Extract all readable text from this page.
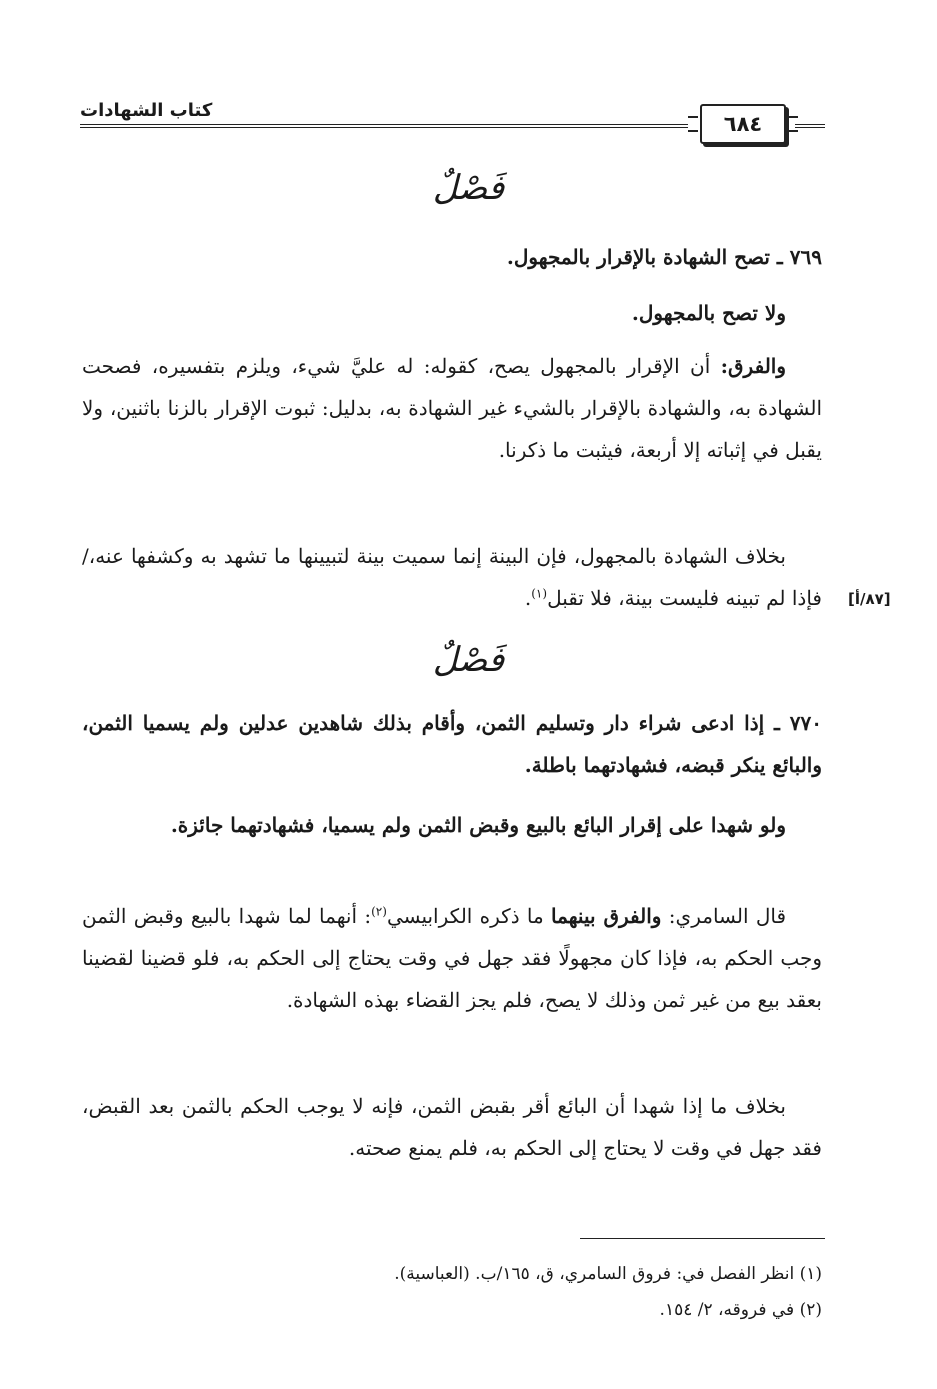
كتاب الشهادات
٦٨٤
فَصْلٌ
٧٦٩ ـ تصح الشهادة بالإقرار بالمجهول.
ولا تصح بالمجهول.
والفرق: أن الإقرار بالمجهول يصح، كقوله: له عليَّ شيء، ويلزم بتفسيره، فصحت الشهادة به، والشهادة بالإقرار بالشيء غير الشهادة به، بدليل: ثبوت الإقرار بالزنا باثنين، ولا يقبل في إثباته إلا أربعة، فيثبت ما ذكرنا.
بخلاف الشهادة بالمجهول، فإن البينة إنما سميت بينة لتبيينها ما تشهد به وكشفها عنه،/ فإذا لم تبينه فليست بينة، فلا تقبل$^{(١)}$.	[٨٧/أ]
فَصْلٌ
٧٧٠ ـ إذا ادعى شراء دار وتسليم الثمن، وأقام بذلك شاهدين عدلين ولم يسميا الثمن، والبائع ينكر قبضه، فشهادتهما باطلة.
ولو شهدا على إقرار البائع بالبيع وقبض الثمن ولم يسميا، فشهادتهما جائزة.
قال السامري: والفرق بينهما ما ذكره الكرابيسي$^{(٢)}$: أنهما لما شهدا بالبيع وقبض الثمن وجب الحكم به، فإذا كان مجهولًا فقد جهل في وقت يحتاج إلى الحكم به، فلو قضينا لقضينا بعقد بيع من غير ثمن وذلك لا يصح، فلم يجز القضاء بهذه الشهادة.
بخلاف ما إذا شهدا أن البائع أقر بقبض الثمن، فإنه لا يوجب الحكم بالثمن بعد القبض، فقد جهل في وقت لا يحتاج إلى الحكم به، فلم يمنع صحته.
(١) انظر الفصل في: فروق السامري، ق، ١٦٥/ب. (العباسية).
(٢) في فروقه، ٢/ ١٥٤.
